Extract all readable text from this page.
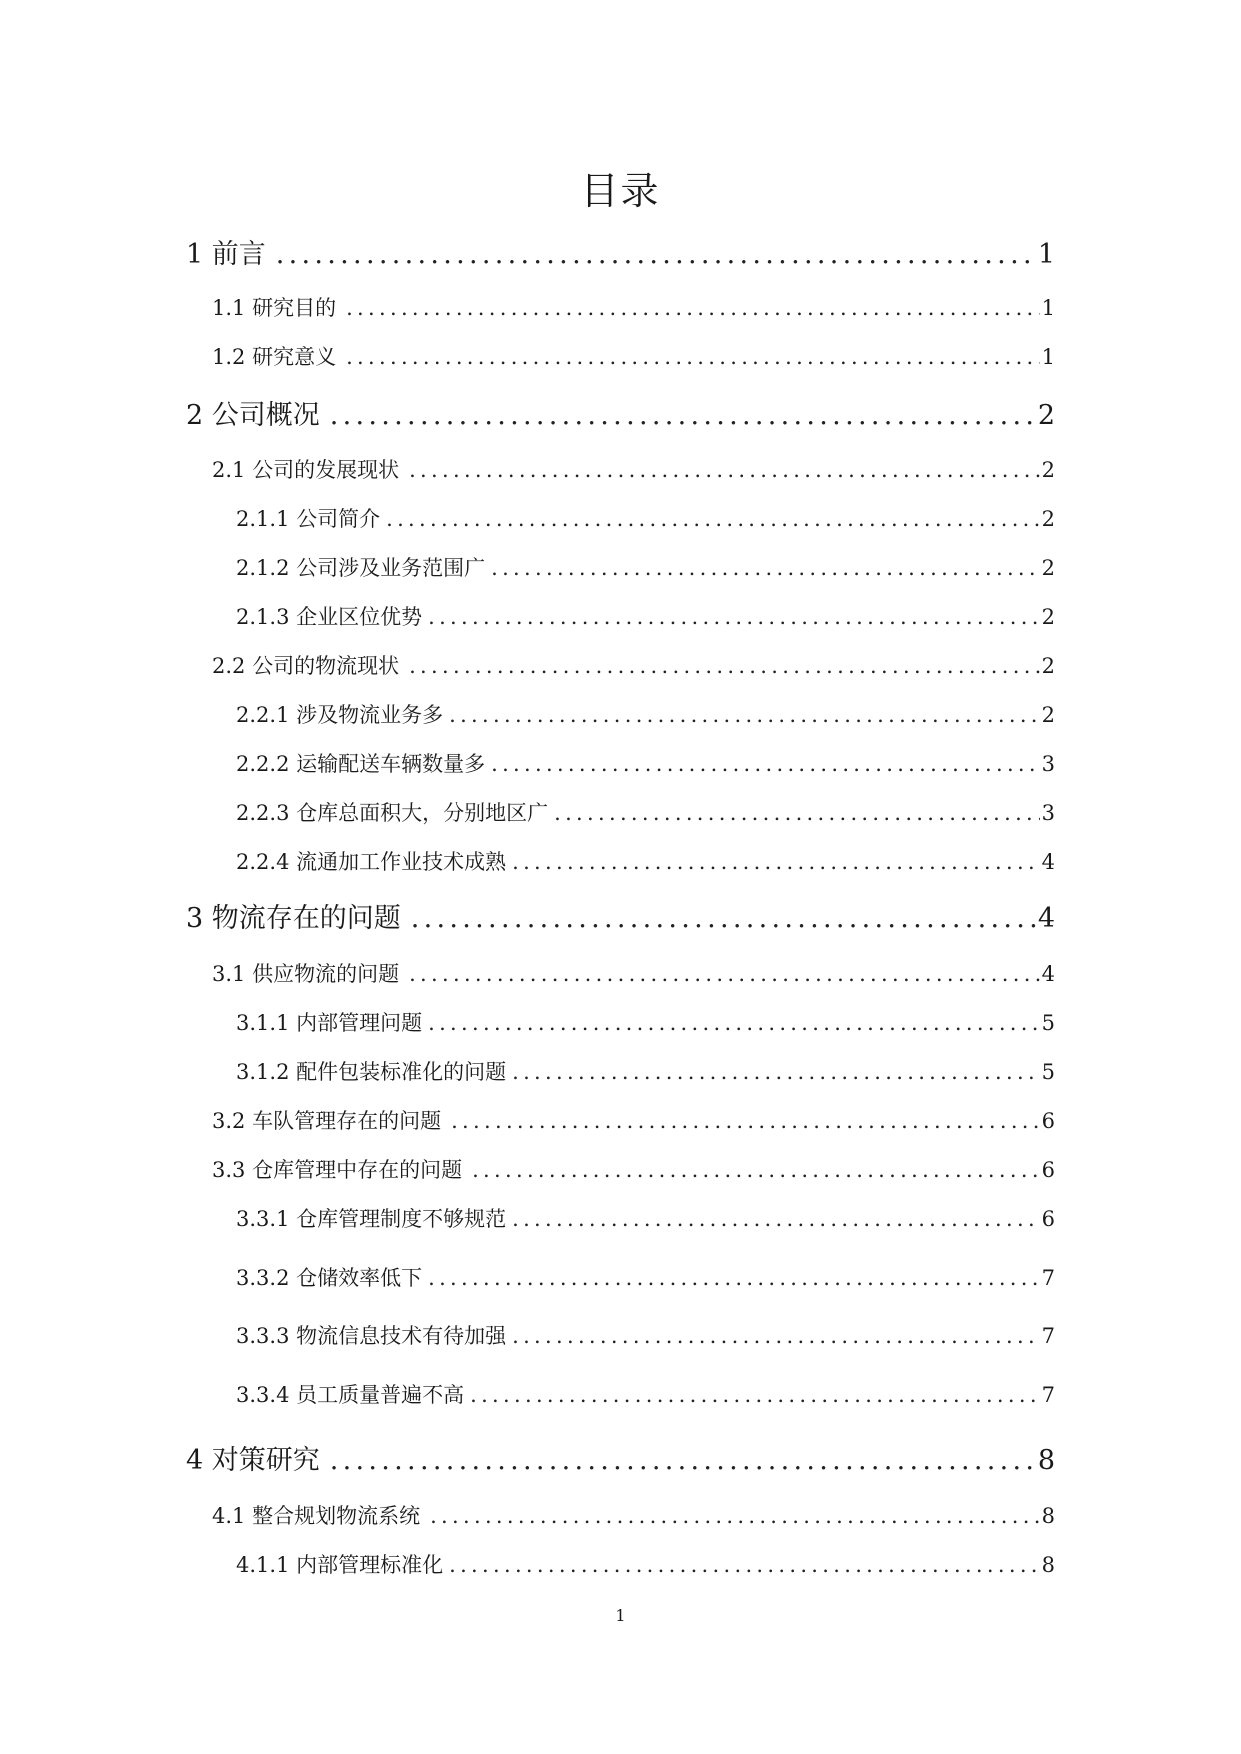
目录
1 前言 .....	1
1.1 研究目的 .....	1
1.2 研究意义 .....	1
2 公司概况 .....	2
2.1 公司的发展现状 .....	2
2.1.1 公司简介 .....	2
2.1.2 公司涉及业务范围广 .....	2
2.1.3 企业区位优势 .....	2
2.2 公司的物流现状 .....	2
2.2.1 涉及物流业务多 .....	2
2.2.2 运输配送车辆数量多 .....	3
2.2.3 仓库总面积大，分别地区广 .....	3
2.2.4 流通加工作业技术成熟 .....	4
3 物流存在的问题 .....	4
3.1 供应物流的问题 .....	4
3.1.1 内部管理问题 .....	5
3.1.2 配件包装标准化的问题 .....	5
3.2 车队管理存在的问题 .....	6
3.3 仓库管理中存在的问题 .....	6
3.3.1 仓库管理制度不够规范 .....	6
3.3.2 仓储效率低下 .....	7
3.3.3 物流信息技术有待加强 .....	7
3.3.4 员工质量普遍不高 .....	7
4 对策研究 .....	8
4.1 整合规划物流系统 .....	8
4.1.1 内部管理标准化 .....	8
1
